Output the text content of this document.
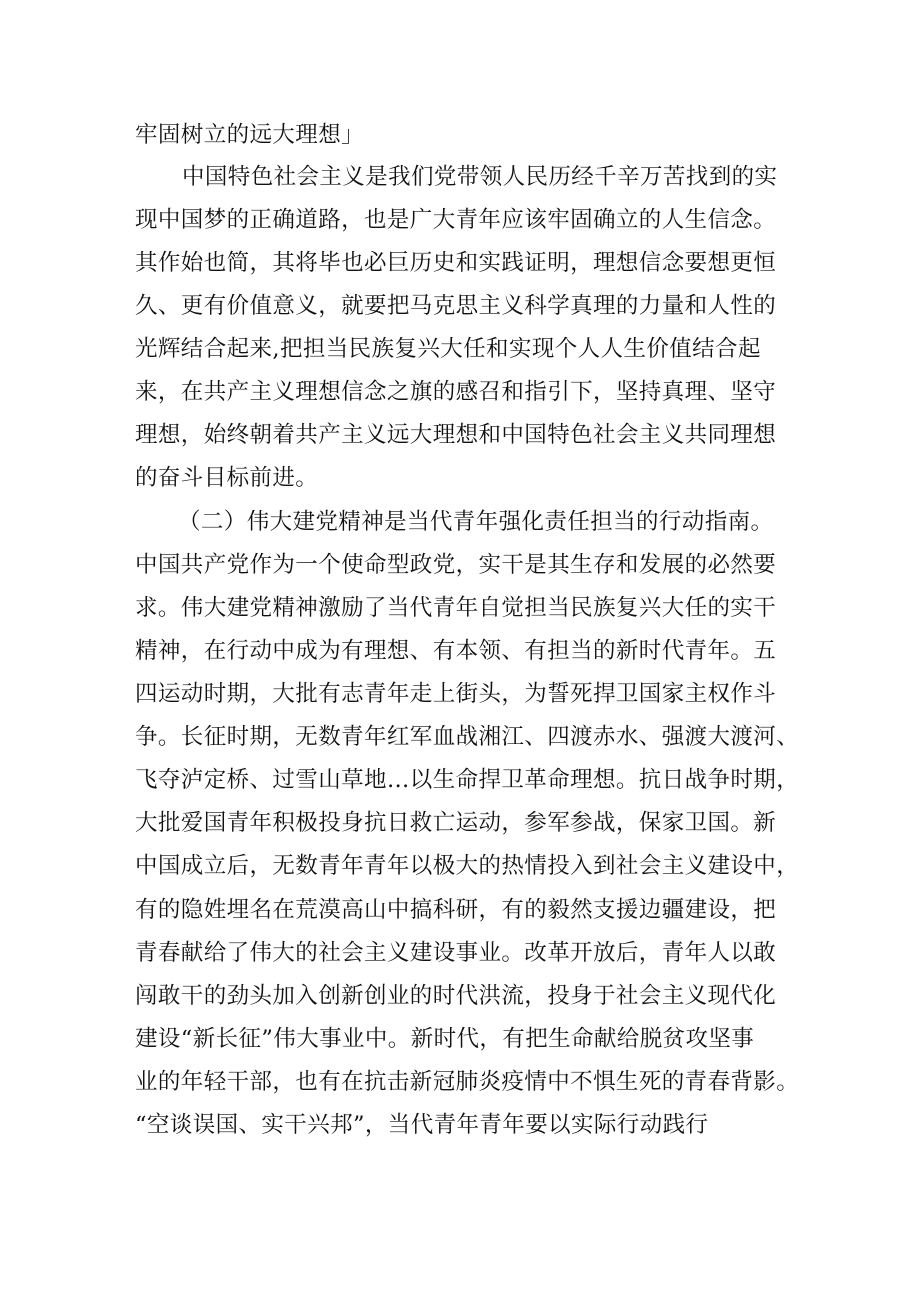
牢固树立的远大理想」
中国特色社会主义是我们党带领人民历经千辛万苦找到的实
现中国梦的正确道路，也是广大青年应该牢固确立的人生信念。
其作始也简，其将毕也必巨历史和实践证明，理想信念要想更恒
久、更有价值意义，就要把马克思主义科学真理的力量和人性的
光辉结合起来,把担当民族复兴大任和实现个人人生价值结合起
来，在共产主义理想信念之旗的感召和指引下，坚持真理、坚守
理想，始终朝着共产主义远大理想和中国特色社会主义共同理想
的奋斗目标前进。
（二）伟大建党精神是当代青年强化责任担当的行动指南。
中国共产党作为一个使命型政党，实干是其生存和发展的必然要
求。伟大建党精神激励了当代青年自觉担当民族复兴大任的实干
精神，在行动中成为有理想、有本领、有担当的新时代青年。五
四运动时期，大批有志青年走上街头，为誓死捍卫国家主权作斗
争。长征时期，无数青年红军血战湘江、四渡赤水、强渡大渡河、
飞夺泸定桥、过雪山草地…以生命捍卫革命理想。抗日战争时期，
大批爱国青年积极投身抗日救亡运动，参军参战，保家卫国。新
中国成立后，无数青年青年以极大的热情投入到社会主义建设中，
有的隐姓埋名在荒漠高山中搞科研，有的毅然支援边疆建设，把
青春献给了伟大的社会主义建设事业。改革开放后，青年人以敢
闯敢干的劲头加入创新创业的时代洪流，投身于社会主义现代化
建设“新长征”伟大事业中。新时代，有把生命献给脱贫攻坚事
业的年轻干部，也有在抗击新冠肺炎疫情中不惧生死的青春背影。
“空谈误国、实干兴邦”，当代青年青年要以实际行动践行
